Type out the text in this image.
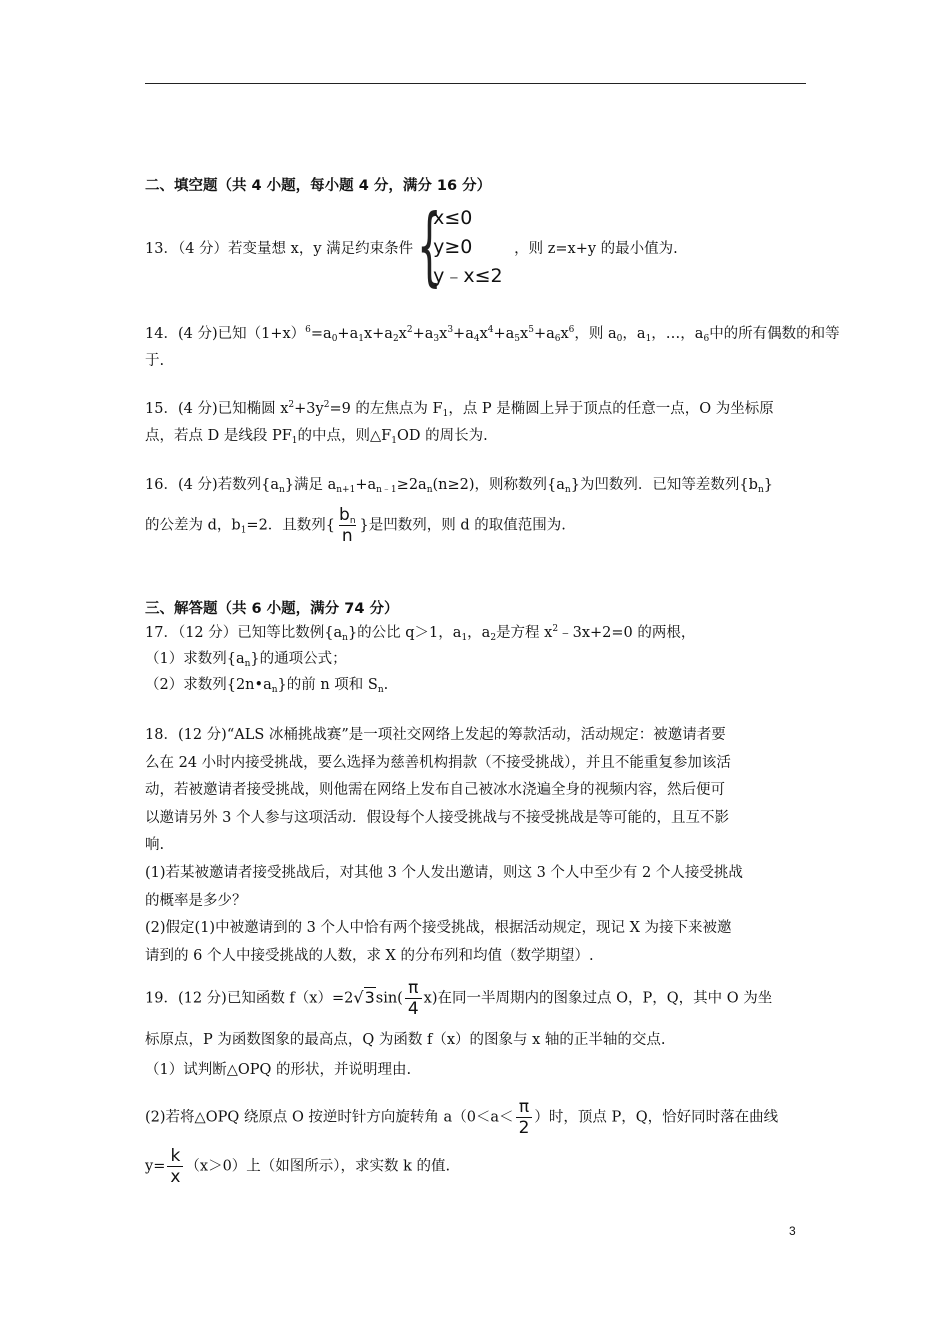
二、填空题（共 4 小题，每小题 4 分，满分 16 分）
13．（4 分）若变量想 x，y 满足约束条件 {
x≤0
y≥0
y﹣x≤2
，则 z=x+y 的最小值为.
14．(4 分)已知$(1+x)^6=a_0+a_1x+a_2x^2+a_3x^3+a_4x^4+a_5x^5+a_6x^6$，则 $a_0$，$a_1$，…，$a_6$中的所有偶数的和等
于.
15．(4 分)已知椭圆 $x^2+3y^2=9$ 的左焦点为 $F_1$，点 P 是椭圆上异于顶点的任意一点，O 为坐标原
点，若点 D 是线段 $PF_1$的中点，则$\triangle F_1OD$ 的周长为.
16．(4 分)若数列$\{a_n\}$满足 $a_{n+1}+a_{n﹣1}\ge 2a_n(n\ge 2)$，则称数列$\{a_n\}$为凹数列．已知等差数列$\{b_n\}$
的公差为 d，$b_1=2$．且数列{ $\frac{b_n}{n}$ }是凹数列，则 d 的取值范围为.
三、解答题（共 6 小题，满分 74 分）
17．（12 分）已知等比数例$\{a_n\}$的公比 q＞1，$a_1$，$a_2$是方程 $x^2﹣3x+2=0$ 的两根，
（1）求数列$\{a_n\}$的通项公式；
（2）求数列$\{2n•a_n\}$的前 n 项和 $S_n$.
18．(12 分)“ALS 冰桶挑战赛”是一项社交网络上发起的筹款活动，活动规定：被邀请者要
么在 24 小时内接受挑战，要么选择为慈善机构捐款（不接受挑战），并且不能重复参加该活
动，若被邀请者接受挑战，则他需在网络上发布自己被冰水浇遍全身的视频内容，然后便可
以邀请另外 3 个人参与这项活动．假设每个人接受挑战与不接受挑战是等可能的，且互不影
响.
(1)若某被邀请者接受挑战后，对其他 3 个人发出邀请，则这 3 个人中至少有 2 个人接受挑战
的概率是多少？
(2)假定(1)中被邀请到的 3 个人中恰有两个接受挑战，根据活动规定，现记 X 为接下来被邀
请到的 6 个人中接受挑战的人数，求 X 的分布列和均值（数学期望）.
19．(12 分)已知函数 $f(x)=2√3\sin( \frac{\pi}{4} x)$在同一半周期内的图象过点 O，P，Q，其中 O 为坐
标原点，P 为函数图象的最高点，Q 为函数 f（x）的图象与 x 轴的正半轴的交点.
（1）试判断△OPQ 的形状，并说明理由.
(2)若将△OPQ 绕原点 O 按逆时针方向旋转角 $a(0<a< \frac{\pi}{2}$ ）时，顶点 P，Q，恰好同时落在曲线
$y= \frac{k}{x} (x>0)$上（如图所示），求实数 k 的值.
3
